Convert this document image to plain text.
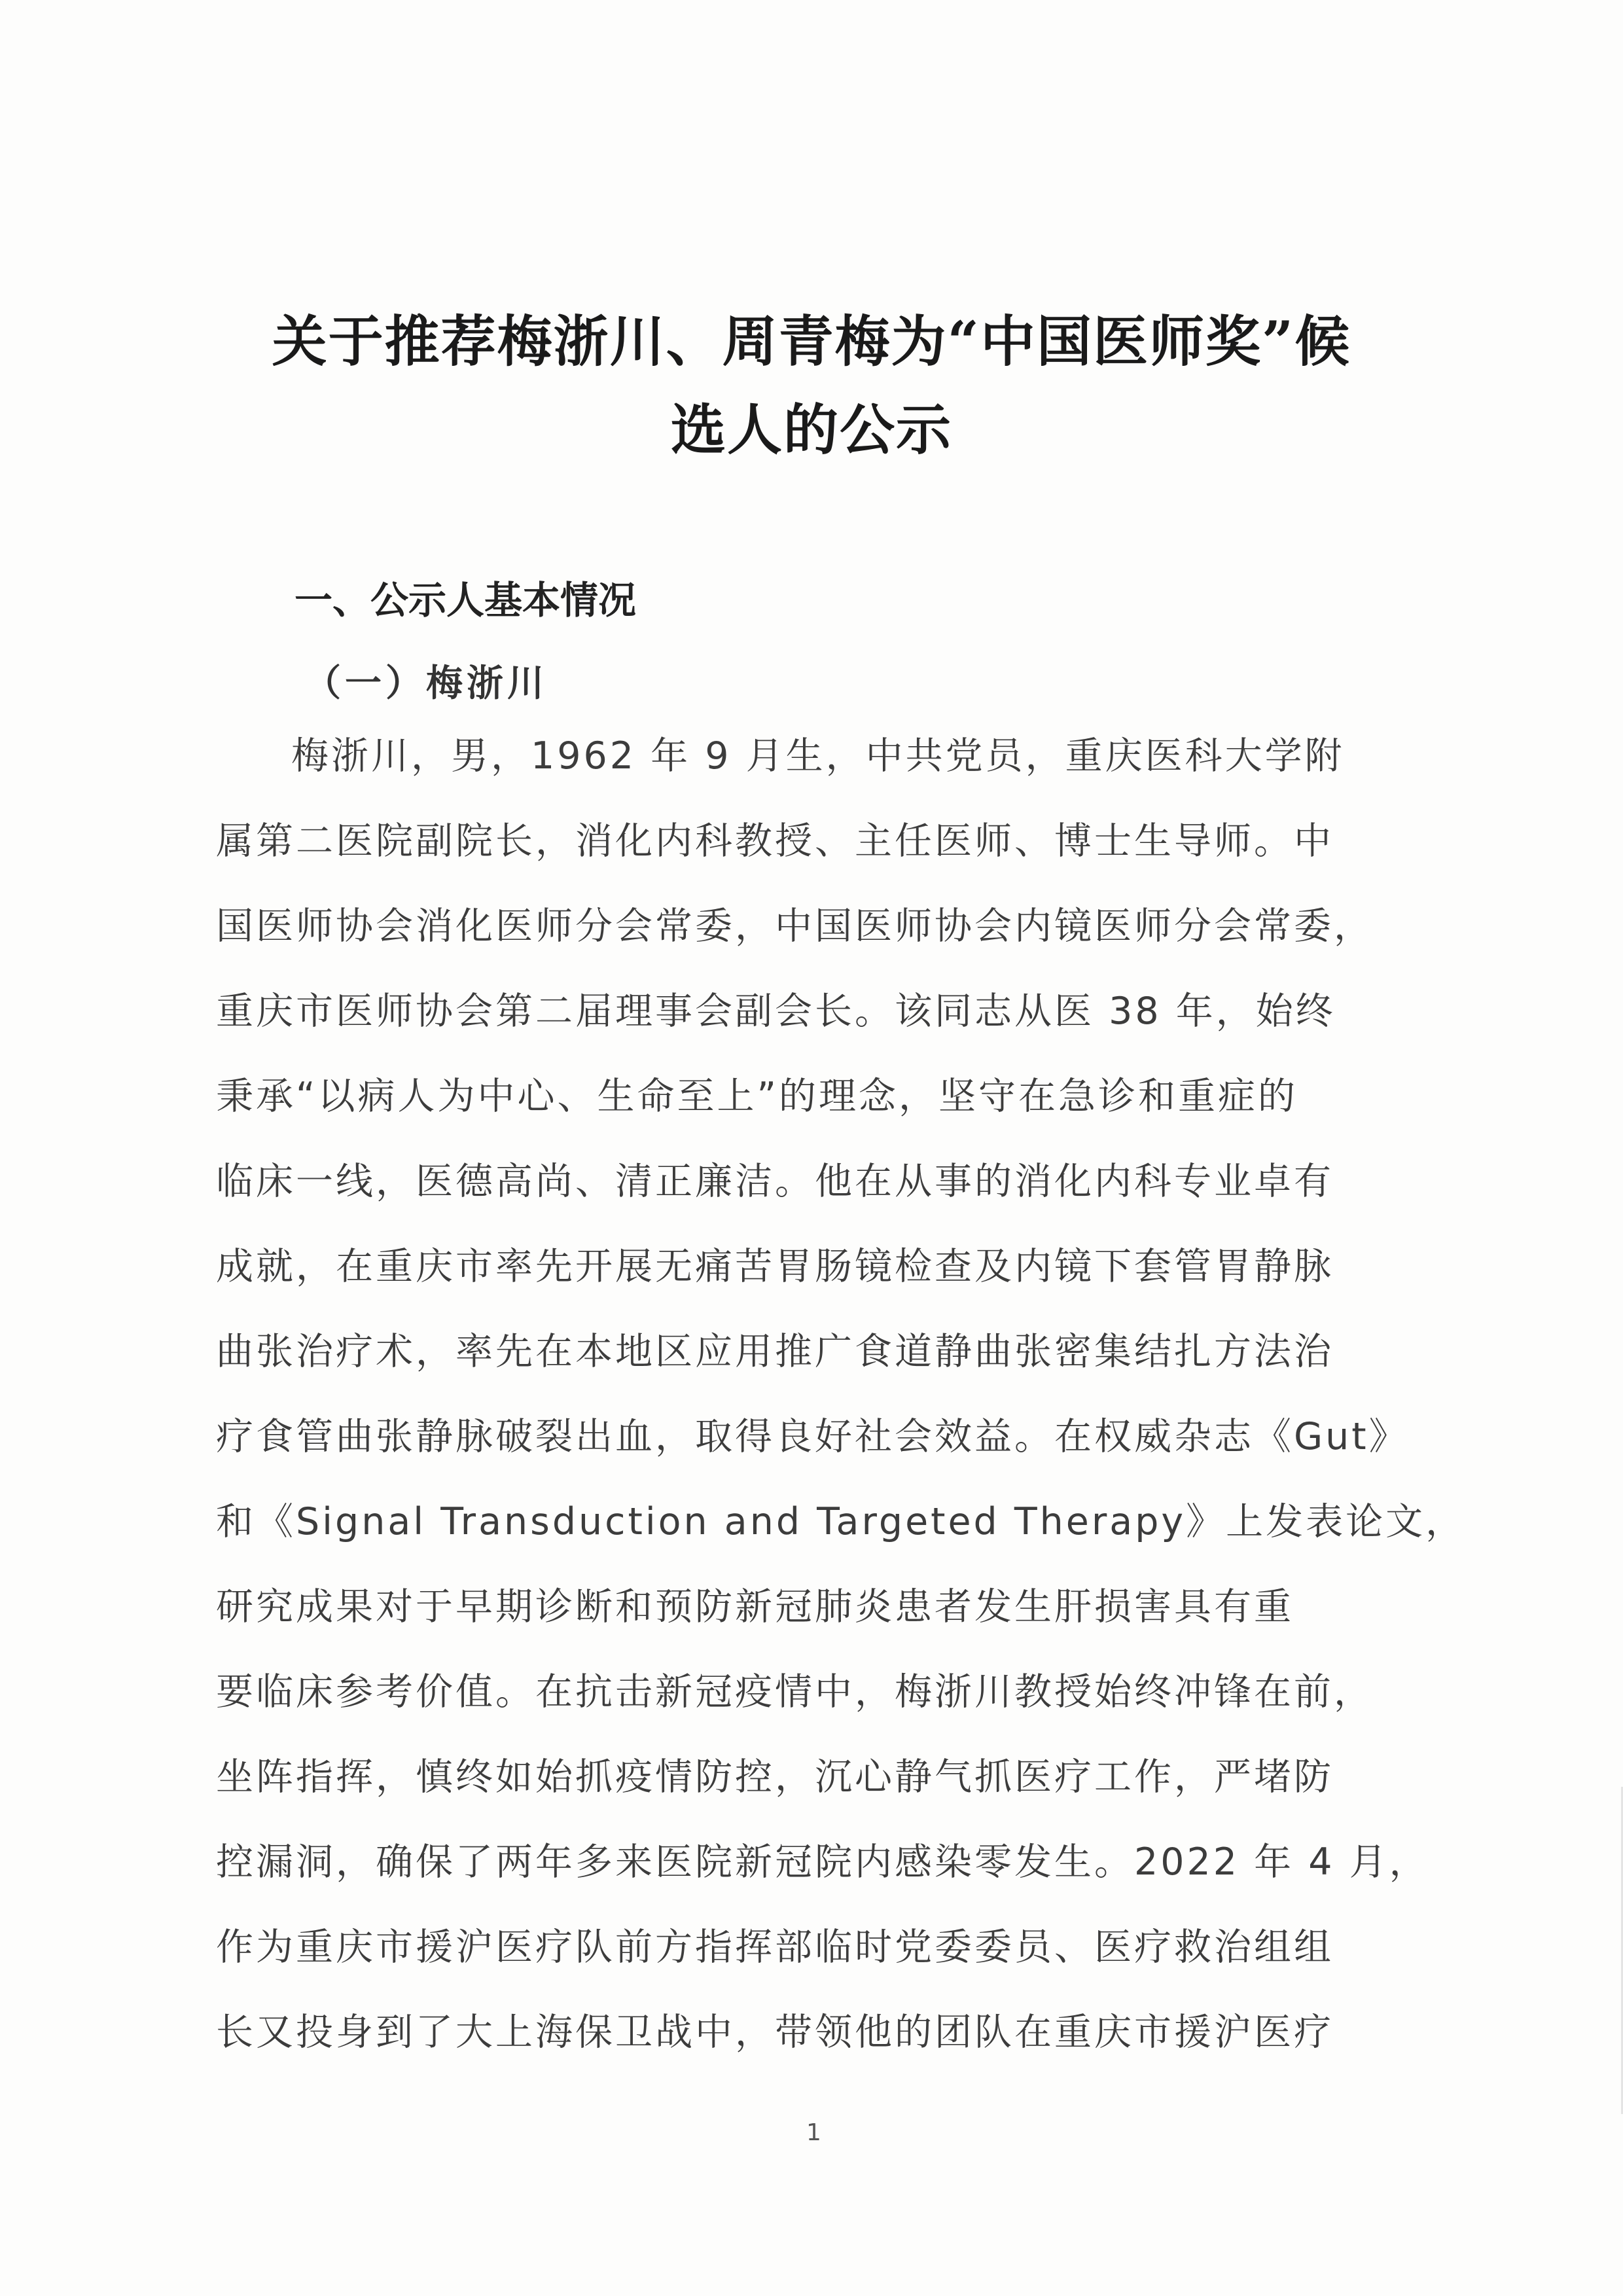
关于推荐梅浙川、周青梅为“中国医师奖”候
选人的公示
一、公示人基本情况
（一）梅浙川
梅浙川，男，1962 年 9 月生，中共党员，重庆医科大学附
属第二医院副院长，消化内科教授、主任医师、博士生导师。中
国医师协会消化医师分会常委，中国医师协会内镜医师分会常委，
重庆市医师协会第二届理事会副会长。该同志从医 38 年，始终
秉承“以病人为中心、生命至上”的理念，坚守在急诊和重症的
临床一线，医德高尚、清正廉洁。他在从事的消化内科专业卓有
成就，在重庆市率先开展无痛苦胃肠镜检查及内镜下套管胃静脉
曲张治疗术，率先在本地区应用推广食道静曲张密集结扎方法治
疗食管曲张静脉破裂出血，取得良好社会效益。在权威杂志《Gut》
和《Signal Transduction and Targeted Therapy》上发表论文，
研究成果对于早期诊断和预防新冠肺炎患者发生肝损害具有重
要临床参考价值。在抗击新冠疫情中，梅浙川教授始终冲锋在前，
坐阵指挥，慎终如始抓疫情防控，沉心静气抓医疗工作，严堵防
控漏洞，确保了两年多来医院新冠院内感染零发生。2022 年 4 月，
作为重庆市援沪医疗队前方指挥部临时党委委员、医疗救治组组
长又投身到了大上海保卫战中，带领他的团队在重庆市援沪医疗
1
